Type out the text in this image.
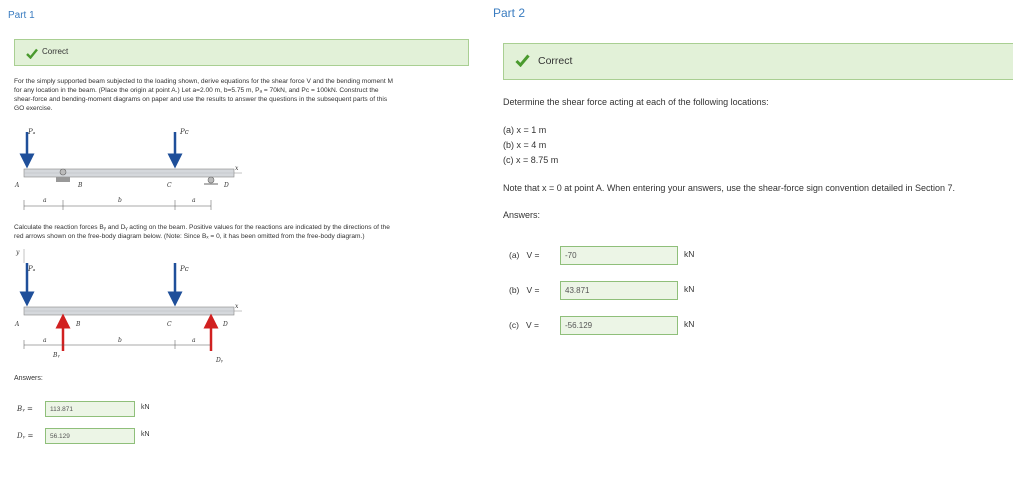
Part 1
Correct
For the simply supported beam subjected to the loading shown, derive equations for the shear force V and the bending moment M
for any location in the beam. (Place the origin at point A.) Let a=2.00 m, b=5.75 m, Pₐ = 70kN, and Pᴄ = 100kN. Construct the
shear-force and bending-moment diagrams on paper and use the results to answer the questions in the subsequent parts of this
GO exercise.
Pₐ	Pᴄ
x
A	B	C	D
a	b	a
Calculate the reaction forces Bᵧ and Dᵧ acting on the beam. Positive values for the reactions are indicated by the directions of the
red arrows shown on the free-body diagram below. (Note: Since Bₓ = 0, it has been omitted from the free-body diagram.)
y
Pₐ	Pᴄ
x
A	B	C	D
a	b	a
Bᵧ
Dᵧ
Answers:
Bᵧ =	113.871	kN
Dᵧ =	56.129	kN
Part 2
Correct
Determine the shear force acting at each of the following locations:
(a) x = 1 m
(b) x = 4 m
(c) x = 8.75 m
Note that x = 0 at point A. When entering your answers, use the shear-force sign convention detailed in Section 7.
Answers:
(a)   V =	-70	kN
(b)   V =	43.871	kN
(c)   V =	-56.129	kN
